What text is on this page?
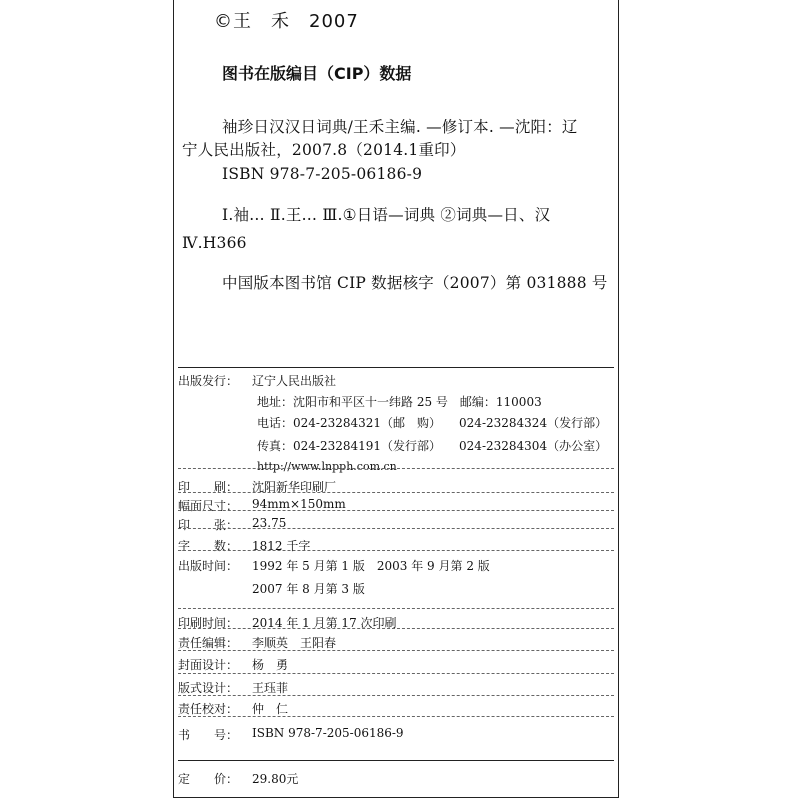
©王　禾　2007
图书在版编目（CIP）数据
袖珍日汉汉日词典/王禾主编. —修订本. —沈阳：辽
宁人民出版社，2007.8（2014.1重印）
ISBN 978-7-205-06186-9
Ⅰ.袖… Ⅱ.王… Ⅲ.①日语—词典 ②词典—日、汉
Ⅳ.H366
中国版本图书馆 CIP 数据核字（2007）第 031888 号
出版发行： 辽宁人民出版社
地址：沈阳市和平区十一纬路 25 号　邮编：110003
电话：024-23284321（邮　购）　　024-23284324（发行部）
传真：024-23284191（发行部）　　024-23284304（办公室）
http://www.lnpph.com.cn
印　　刷： 沈阳新华印刷厂
幅面尺寸： 94mm×150mm
印　　张： 23.75
字　　数： 1812 千字
出版时间： 1992 年 5 月第 1 版　2003 年 9 月第 2 版
2007 年 8 月第 3 版
印刷时间： 2014 年 1 月第 17 次印刷
责任编辑： 李顺英　王阳春
封面设计： 杨　勇
版式设计： 王珏菲
责任校对： 仲　仁
书　　号： ISBN 978-7-205-06186-9
定　　价： 29.80元
